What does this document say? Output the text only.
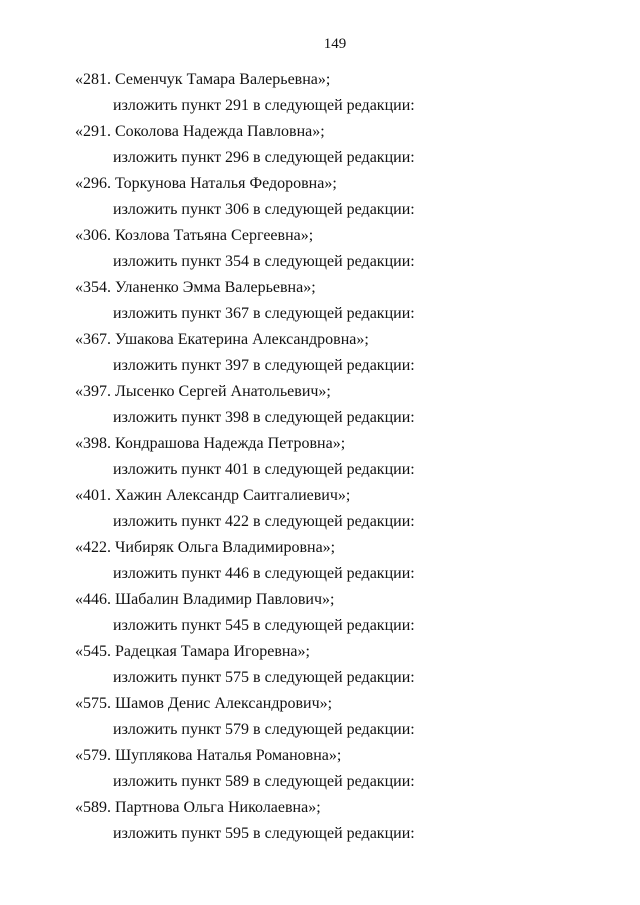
149
«281. Семенчук Тамара Валерьевна»;
изложить пункт 291 в следующей редакции:
«291. Соколова Надежда Павловна»;
изложить пункт 296 в следующей редакции:
«296. Торкунова Наталья Федоровна»;
изложить пункт 306 в следующей редакции:
«306. Козлова Татьяна Сергеевна»;
изложить пункт 354 в следующей редакции:
«354. Уланенко Эмма Валерьевна»;
изложить пункт 367 в следующей редакции:
«367. Ушакова Екатерина Александровна»;
изложить пункт 397 в следующей редакции:
«397. Лысенко Сергей Анатольевич»;
изложить пункт 398 в следующей редакции:
«398. Кондрашова Надежда Петровна»;
изложить пункт 401 в следующей редакции:
«401. Хажин Александр Саитгалиевич»;
изложить пункт 422 в следующей редакции:
«422. Чибиряк Ольга Владимировна»;
изложить пункт 446 в следующей редакции:
«446. Шабалин Владимир Павлович»;
изложить пункт 545 в следующей редакции:
«545. Радецкая Тамара Игоревна»;
изложить пункт 575 в следующей редакции:
«575. Шамов Денис Александрович»;
изложить пункт 579 в следующей редакции:
«579. Шуплякова Наталья Романовна»;
изложить пункт 589 в следующей редакции:
«589. Партнова Ольга Николаевна»;
изложить пункт 595 в следующей редакции:
